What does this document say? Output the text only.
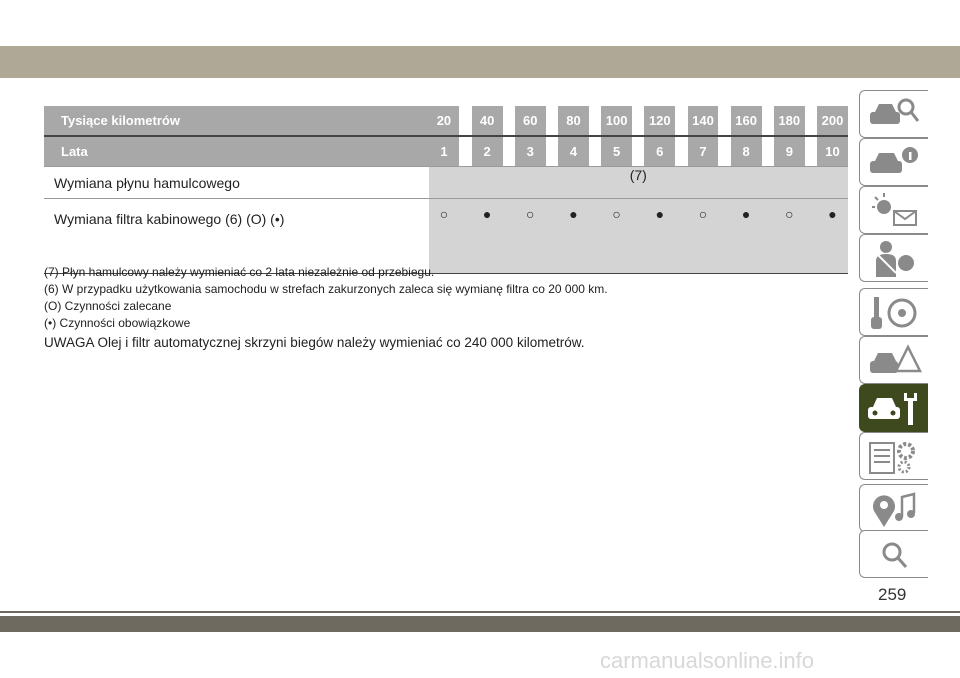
Tysiące kilometrów	20		40		60		80		100		120		140		160		180		200
Lata	1		2		3		4		5		6		7		8		9		10
Wymiana płynu hamulcowego	(7)																		
Wymiana filtra kabinowego (6) (O) (•)	○		●		○		●		○		●		○		●		○		●

(7) Płyn hamulcowy należy wymieniać co 2 lata niezależnie od przebiegu.
(6) W przypadku użytkowania samochodu w strefach zakurzonych zaleca się wymianę filtra co 20 000 km.
(O) Czynności zalecane
(•) Czynności obowiązkowe
UWAGA Olej i filtr automatycznej skrzyni biegów należy wymieniać co 240 000 kilometrów.
259
carmanualsonline.info
